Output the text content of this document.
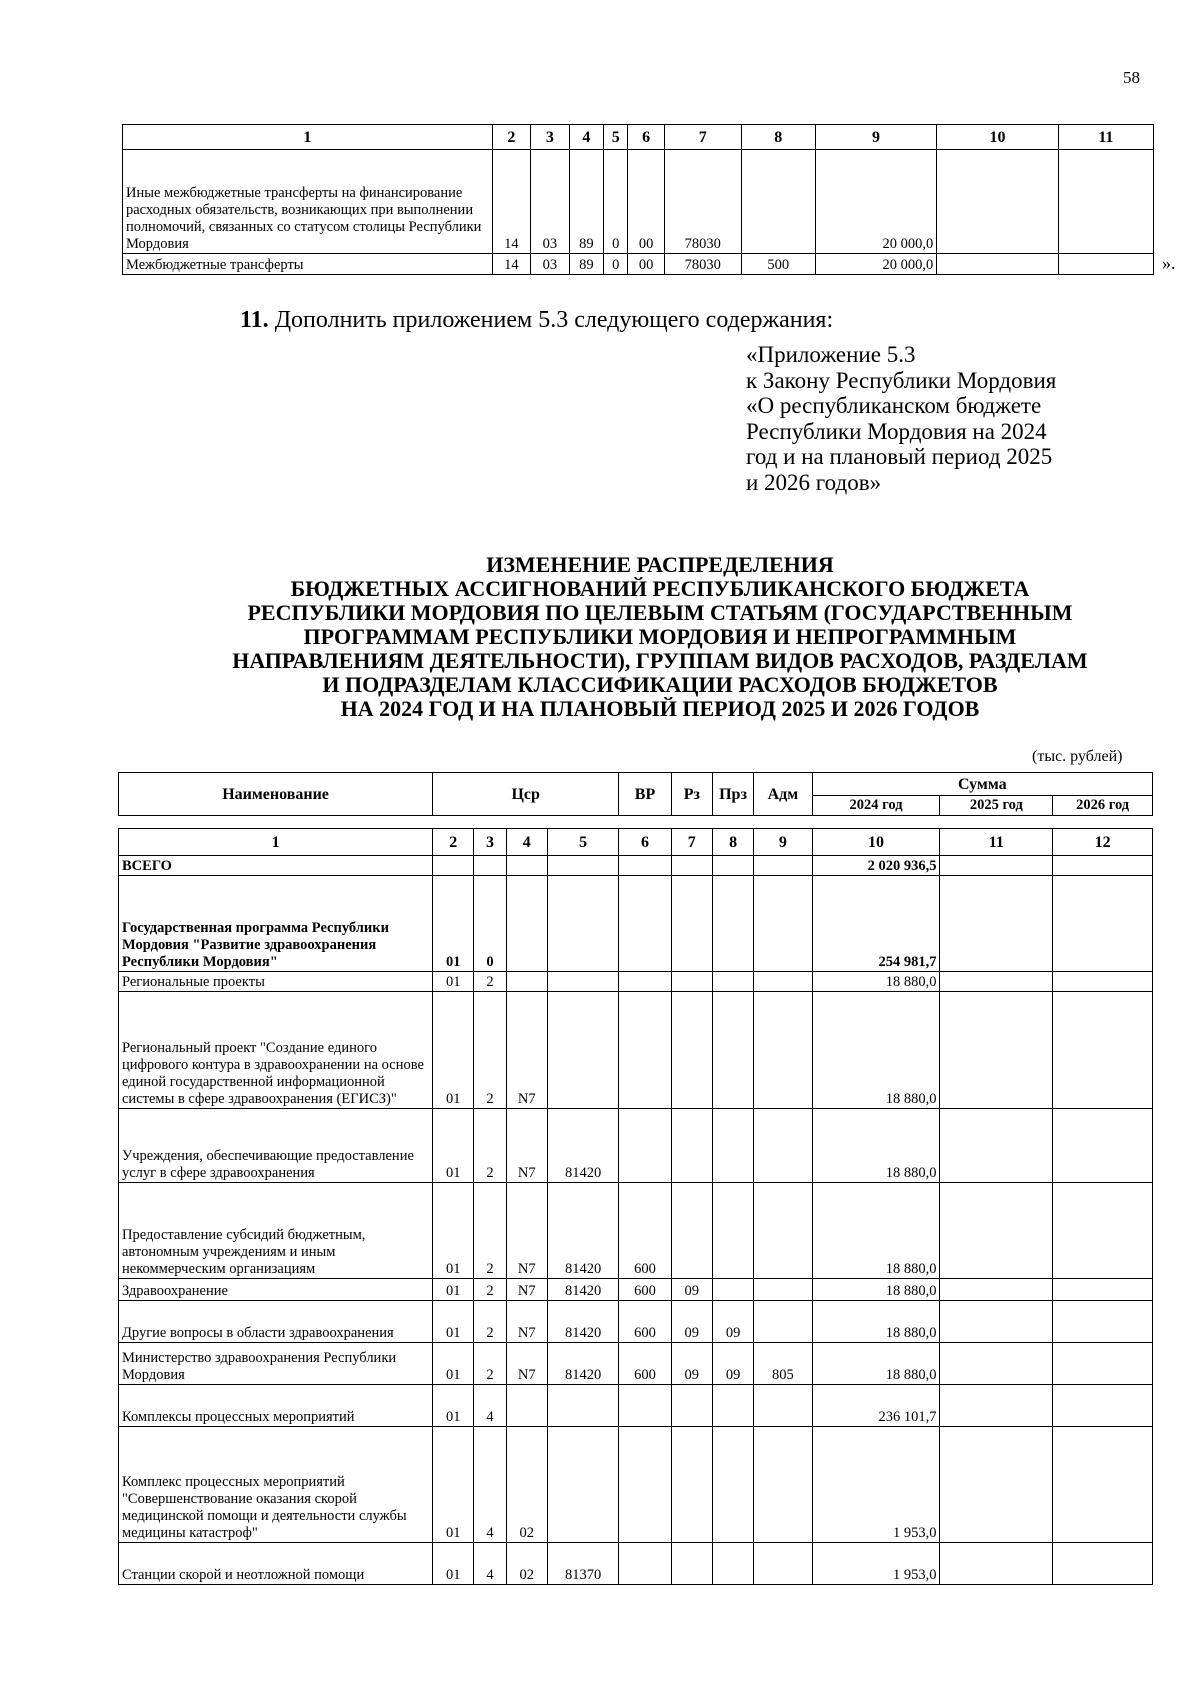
58
1	2	3	4	5	6	7	8	9	10	11
Иные межбюджетные трансферты на финансирование расходных обязательств, возникающих при выполнении полномочий, связанных со статусом столицы Республики Мордовия	14	03	89	0	00	78030		20 000,0		
Межбюджетные трансферты	14	03	89	0	00	78030	500	20 000,0			».
11. Дополнить приложением 5.3 следующего содержания:
«Приложение 5.3
к Закону Республики Мордовия
«О республиканском бюджете
Республики Мордовия на 2024
год и на плановый период 2025
и 2026 годов»
ИЗМЕНЕНИЕ РАСПРЕДЕЛЕНИЯ
БЮДЖЕТНЫХ АССИГНОВАНИЙ РЕСПУБЛИКАНСКОГО БЮДЖЕТА
РЕСПУБЛИКИ МОРДОВИЯ ПО ЦЕЛЕВЫМ СТАТЬЯМ (ГОСУДАРСТВЕННЫМ
ПРОГРАММАМ РЕСПУБЛИКИ МОРДОВИЯ И НЕПРОГРАММНЫМ
НАПРАВЛЕНИЯМ ДЕЯТЕЛЬНОСТИ), ГРУППАМ ВИДОВ РАСХОДОВ, РАЗДЕЛАМ
И ПОДРАЗДЕЛАМ КЛАССИФИКАЦИИ РАСХОДОВ БЮДЖЕТОВ
НА 2024 ГОД И НА ПЛАНОВЫЙ ПЕРИОД 2025 И 2026 ГОДОВ
(тыс. рублей)
Наименование	Цср	ВР	Рз	Прз	Адм	Сумма		
						2024 год	2025 год	2026 год
1	2	3	4	5	6	7	8	9	10	11	12
ВСЕГО									2 020 936,5		
Государственная программа Республики Мордовия "Развитие здравоохранения Республики Мордовия"	01	0							254 981,7		
Региональные проекты	01	2							18 880,0		
Региональный проект "Создание единого цифрового контура в здравоохранении на основе единой государственной информационной системы в сфере здравоохранения (ЕГИСЗ)"	01	2	N7						18 880,0		
Учреждения, обеспечивающие предоставление услуг в сфере здравоохранения	01	2	N7	81420					18 880,0		
Предоставление субсидий бюджетным, автономным учреждениям и иным некоммерческим организациям	01	2	N7	81420	600				18 880,0		
Здравоохранение	01	2	N7	81420	600	09			18 880,0		
Другие вопросы в области здравоохранения	01	2	N7	81420	600	09	09		18 880,0		
Министерство здравоохранения Республики Мордовия	01	2	N7	81420	600	09	09	805	18 880,0		
Комплексы процессных мероприятий	01	4							236 101,7		
Комплекс процессных мероприятий "Совершенствование оказания скорой медицинской помощи и деятельности службы медицины катастроф"	01	4	02						1 953,0		
Станции скорой и неотложной помощи	01	4	02	81370					1 953,0		
